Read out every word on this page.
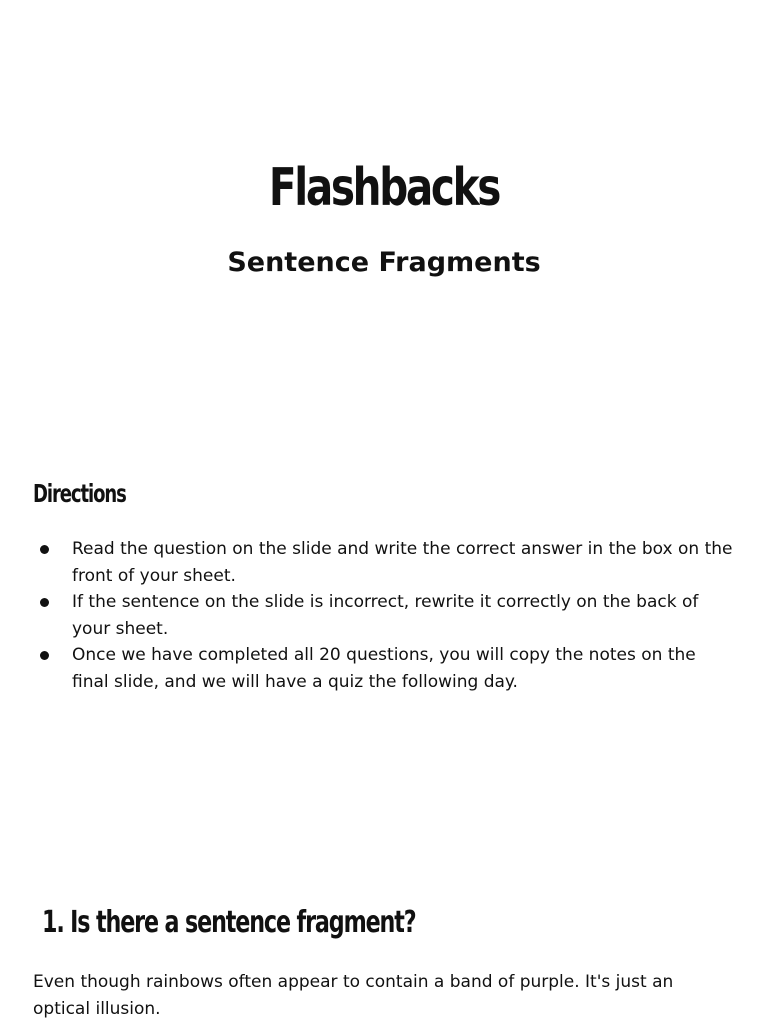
Flashbacks
Sentence Fragments
Directions
Read the question on the slide and write the correct answer in the box on the front of your sheet.
If the sentence on the slide is incorrect, rewrite it correctly on the back of your sheet.
Once we have completed all 20 questions, you will copy the notes on the final slide, and we will have a quiz the following day.
1. Is there a sentence fragment?

Even though rainbows often appear to contain a band of purple. It's just an optical illusion.
